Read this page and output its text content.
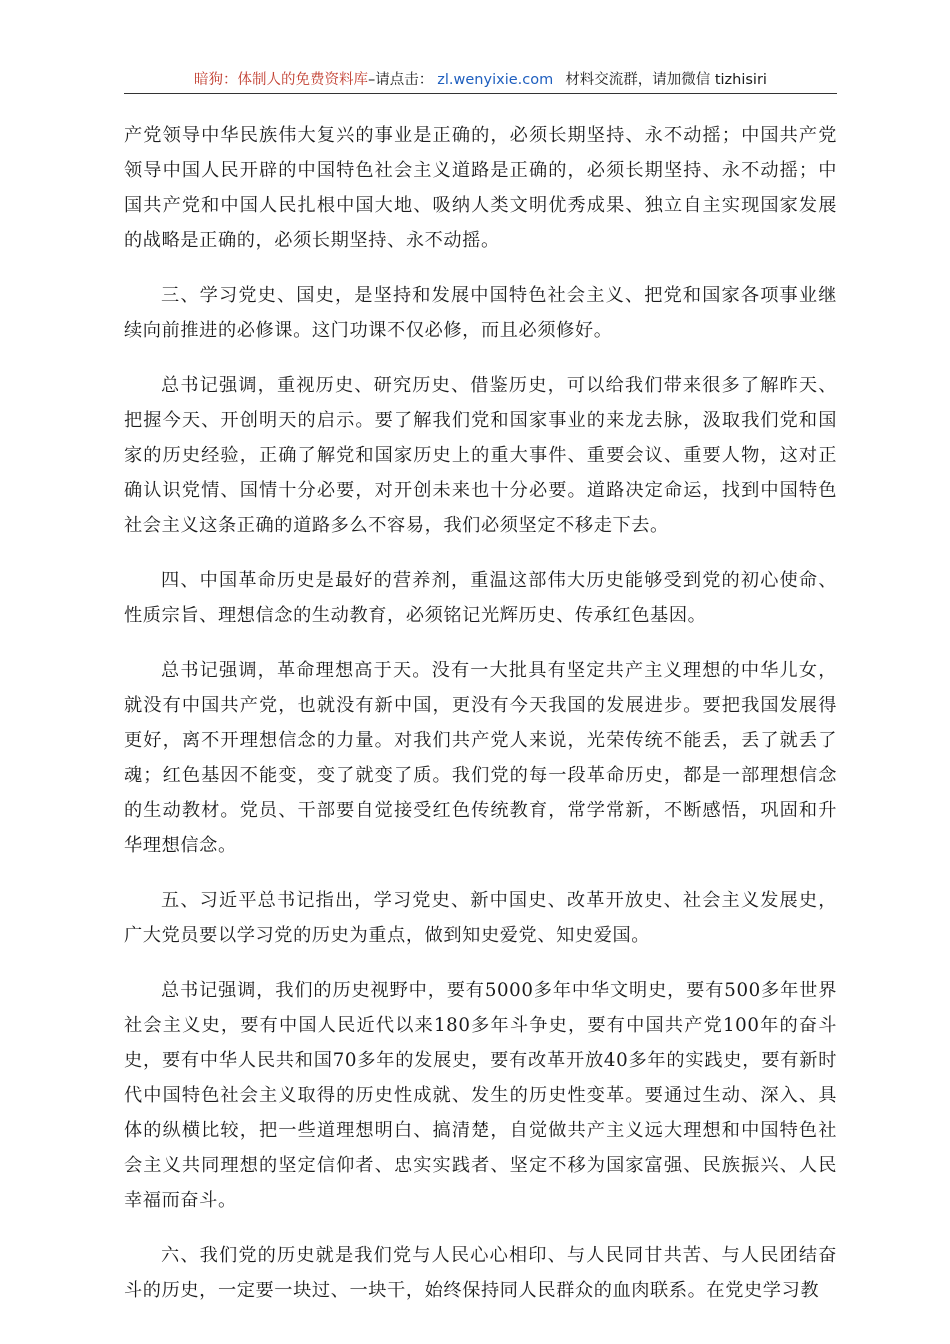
暗狗：体制人的免费资料库–请点击： zl.wenyixie.com 材料交流群，请加微信 tizhisiri

产党领导中华民族伟大复兴的事业是正确的，必须长期坚持、永不动摇；中国共产党领导中国人民开辟的中国特色社会主义道路是正确的，必须长期坚持、永不动摇；中国共产党和中国人民扎根中国大地、吸纳人类文明优秀成果、独立自主实现国家发展的战略是正确的，必须长期坚持、永不动摇。

三、学习党史、国史，是坚持和发展中国特色社会主义、把党和国家各项事业继续向前推进的必修课。这门功课不仅必修，而且必须修好。

总书记强调，重视历史、研究历史、借鉴历史，可以给我们带来很多了解昨天、把握今天、开创明天的启示。要了解我们党和国家事业的来龙去脉，汲取我们党和国家的历史经验，正确了解党和国家历史上的重大事件、重要会议、重要人物，这对正确认识党情、国情十分必要，对开创未来也十分必要。道路决定命运，找到中国特色社会主义这条正确的道路多么不容易，我们必须坚定不移走下去。

四、中国革命历史是最好的营养剂，重温这部伟大历史能够受到党的初心使命、性质宗旨、理想信念的生动教育，必须铭记光辉历史、传承红色基因。

总书记强调，革命理想高于天。没有一大批具有坚定共产主义理想的中华儿女，就没有中国共产党，也就没有新中国，更没有今天我国的发展进步。要把我国发展得更好，离不开理想信念的力量。对我们共产党人来说，光荣传统不能丢，丢了就丢了魂；红色基因不能变，变了就变了质。我们党的每一段革命历史，都是一部理想信念的生动教材。党员、干部要自觉接受红色传统教育，常学常新，不断感悟，巩固和升华理想信念。

五、习近平总书记指出，学习党史、新中国史、改革开放史、社会主义发展史，广大党员要以学习党的历史为重点，做到知史爱党、知史爱国。

总书记强调，我们的历史视野中，要有5000多年中华文明史，要有500多年世界社会主义史，要有中国人民近代以来180多年斗争史，要有中国共产党100年的奋斗史，要有中华人民共和国70多年的发展史，要有改革开放40多年的实践史，要有新时代中国特色社会主义取得的历史性成就、发生的历史性变革。要通过生动、深入、具体的纵横比较，把一些道理想明白、搞清楚，自觉做共产主义远大理想和中国特色社会主义共同理想的坚定信仰者、忠实实践者、坚定不移为国家富强、民族振兴、人民幸福而奋斗。

六、我们党的历史就是我们党与人民心心相印、与人民同甘共苦、与人民团结奋斗的历史，一定要一块过、一块干，始终保持同人民群众的血肉联系。在党史学习教
